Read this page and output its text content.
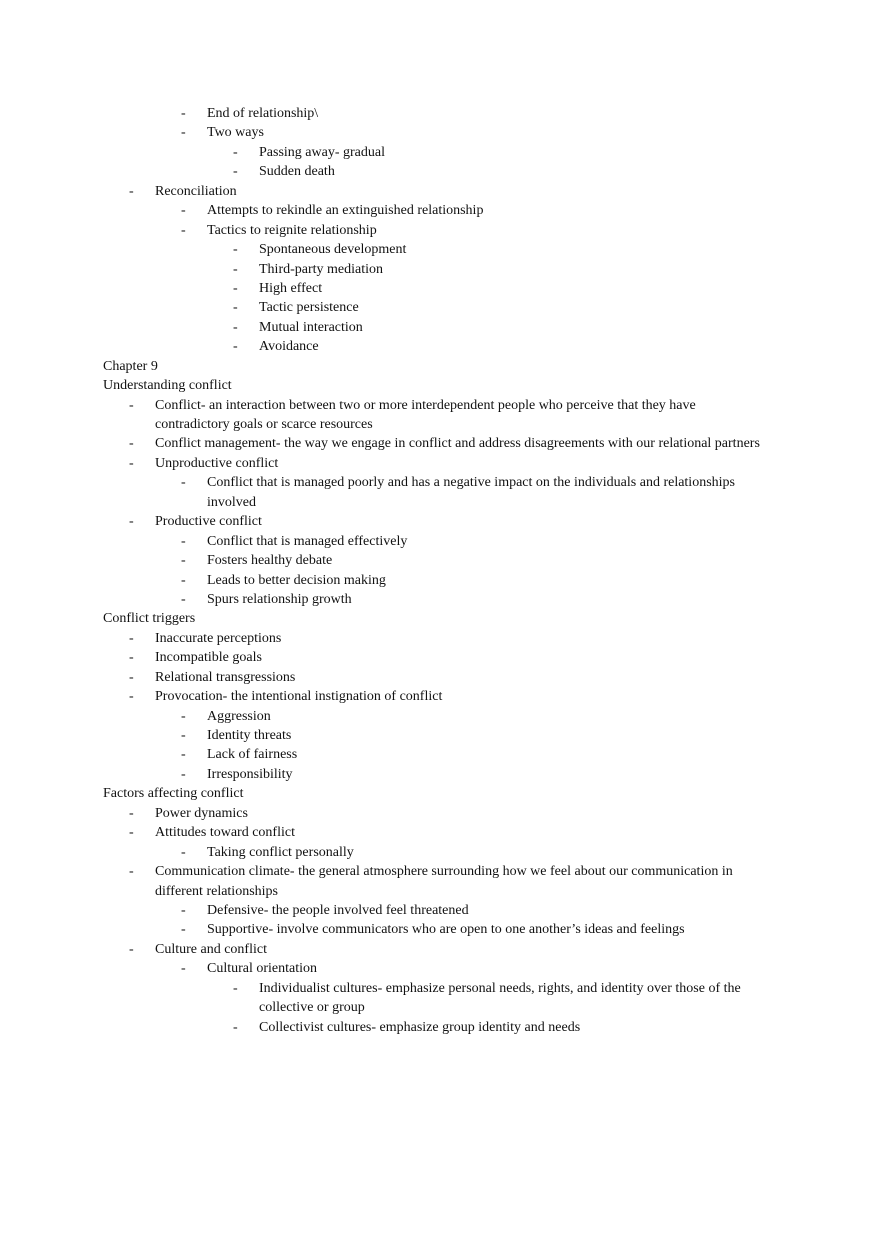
- End of relationship\
- Two ways
- Passing away- gradual
- Sudden death
- Reconciliation
- Attempts to rekindle an extinguished relationship
- Tactics to reignite relationship
- Spontaneous development
- Third-party mediation
- High effect
- Tactic persistence
- Mutual interaction
- Avoidance
Chapter 9
Understanding conflict
- Conflict- an interaction between two or more interdependent people who perceive that they have
contradictory goals or scarce resources
- Conflict management- the way we engage in conflict and address disagreements with our relational partners
- Unproductive conflict
- Conflict that is managed poorly and has a negative impact on the individuals and relationships
involved
- Productive conflict
- Conflict that is managed effectively
- Fosters healthy debate
- Leads to better decision making
- Spurs relationship growth
Conflict triggers
- Inaccurate perceptions
- Incompatible goals
- Relational transgressions
- Provocation- the intentional instignation of conflict
- Aggression
- Identity threats
- Lack of fairness
- Irresponsibility
Factors affecting conflict
- Power dynamics
- Attitudes toward conflict
- Taking conflict personally
- Communication climate- the general atmosphere surrounding how we feel about our communication in
different relationships
- Defensive- the people involved feel threatened
- Supportive- involve communicators who are open to one another’s ideas and feelings
- Culture and conflict
- Cultural orientation
- Individualist cultures- emphasize personal needs, rights, and identity over those of the
collective or group
- Collectivist cultures- emphasize group identity and needs
